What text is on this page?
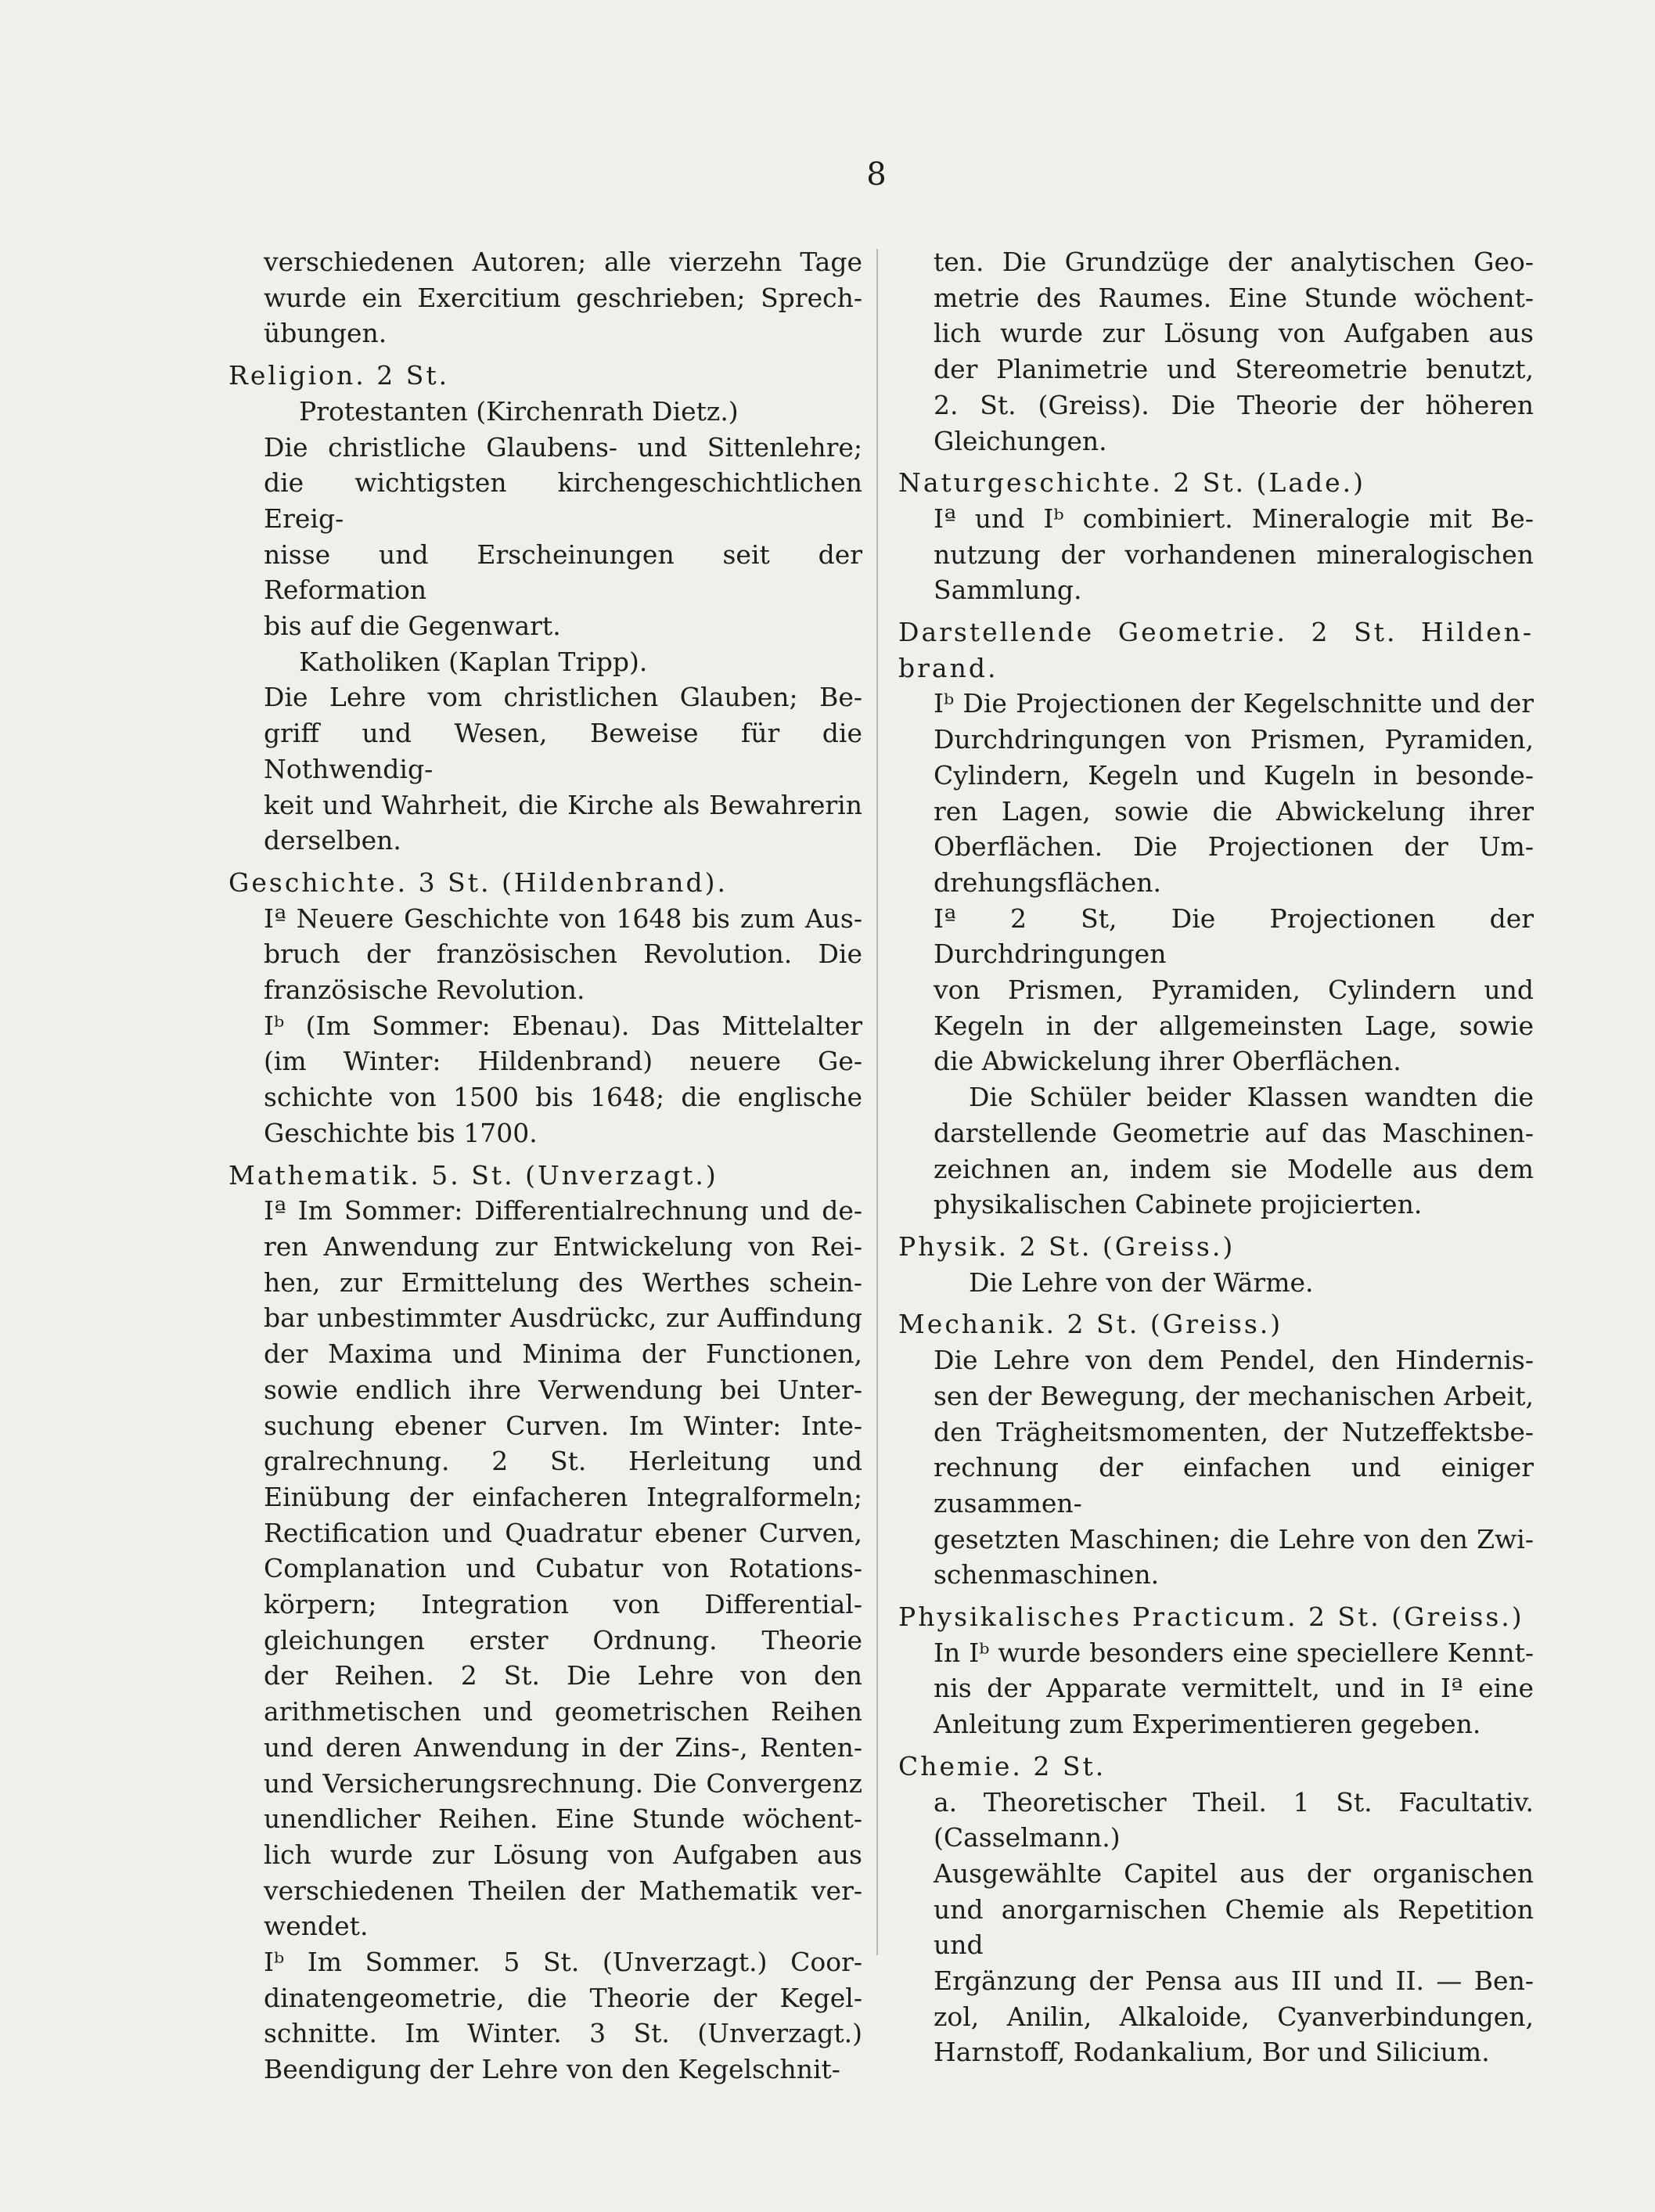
8
verschiedenen Autoren; alle vierzehn Tage
wurde ein Exercitium geschrieben; Sprech-
übungen.
Religion. 2 St.
Protestanten (Kirchenrath Dietz.)
Die christliche Glaubens- und Sittenlehre;
die wichtigsten kirchengeschichtlichen Ereig-
nisse und Erscheinungen seit der Reformation
bis auf die Gegenwart.
Katholiken (Kaplan Tripp).
Die Lehre vom christlichen Glauben; Be-
griff und Wesen, Beweise für die Nothwendig-
keit und Wahrheit, die Kirche als Bewahrerin
derselben.
Geschichte. 3 St. (Hildenbrand).
Iª Neuere Geschichte von 1648 bis zum Aus-
bruch der französischen Revolution. Die
französische Revolution.
Iᵇ (Im Sommer: Ebenau). Das Mittelalter
(im Winter: Hildenbrand) neuere Ge-
schichte von 1500 bis 1648; die englische
Geschichte bis 1700.
Mathematik. 5. St. (Unverzagt.)
Iª Im Sommer: Differentialrechnung und de-
ren Anwendung zur Entwickelung von Rei-
hen, zur Ermittelung des Werthes schein-
bar unbestimmter Ausdrückc, zur Auffindung
der Maxima und Minima der Functionen,
sowie endlich ihre Verwendung bei Unter-
suchung ebener Curven. Im Winter: Inte-
gralrechnung. 2 St. Herleitung und
Einübung der einfacheren Integralformeln;
Rectification und Quadratur ebener Curven,
Complanation und Cubatur von Rotations-
körpern; Integration von Differential-
gleichungen erster Ordnung. Theorie
der Reihen. 2 St. Die Lehre von den
arithmetischen und geometrischen Reihen
und deren Anwendung in der Zins-, Renten-
und Versicherungsrechnung. Die Convergenz
unendlicher Reihen. Eine Stunde wöchent-
lich wurde zur Lösung von Aufgaben aus
verschiedenen Theilen der Mathematik ver-
wendet.
Iᵇ Im Sommer. 5 St. (Unverzagt.) Coor-
dinatengeometrie, die Theorie der Kegel-
schnitte. Im Winter. 3 St. (Unverzagt.)
Beendigung der Lehre von den Kegelschnit-
ten. Die Grundzüge der analytischen Geo-
metrie des Raumes. Eine Stunde wöchent-
lich wurde zur Lösung von Aufgaben aus
der Planimetrie und Stereometrie benutzt,
2. St. (Greiss). Die Theorie der höheren
Gleichungen.
Naturgeschichte. 2 St. (Lade.)
Iª und Iᵇ combiniert. Mineralogie mit Be-
nutzung der vorhandenen mineralogischen
Sammlung.
Darstellende Geometrie. 2 St. Hilden-
brand.
Iᵇ Die Projectionen der Kegelschnitte und der
Durchdringungen von Prismen, Pyramiden,
Cylindern, Kegeln und Kugeln in besonde-
ren Lagen, sowie die Abwickelung ihrer
Oberflächen. Die Projectionen der Um-
drehungsflächen.
Iª 2 St, Die Projectionen der Durchdringungen
von Prismen, Pyramiden, Cylindern und
Kegeln in der allgemeinsten Lage, sowie
die Abwickelung ihrer Oberflächen.
Die Schüler beider Klassen wandten die
darstellende Geometrie auf das Maschinen-
zeichnen an, indem sie Modelle aus dem
physikalischen Cabinete projicierten.
Physik. 2 St. (Greiss.)
Die Lehre von der Wärme.
Mechanik. 2 St. (Greiss.)
Die Lehre von dem Pendel, den Hindernis-
sen der Bewegung, der mechanischen Arbeit,
den Trägheitsmomenten, der Nutzeffektsbe-
rechnung der einfachen und einiger zusammen-
gesetzten Maschinen; die Lehre von den Zwi-
schenmaschinen.
Physikalisches Practicum. 2 St. (Greiss.)
In Iᵇ wurde besonders eine speciellere Kennt-
nis der Apparate vermittelt, und in Iª eine
Anleitung zum Experimentieren gegeben.
Chemie. 2 St.
a. Theoretischer Theil. 1 St. Facultativ.
(Casselmann.)
Ausgewählte Capitel aus der organischen
und anorgarnischen Chemie als Repetition und
Ergänzung der Pensa aus III und II. — Ben-
zol, Anilin, Alkaloide, Cyanverbindungen,
Harnstoff, Rodankalium, Bor und Silicium.
